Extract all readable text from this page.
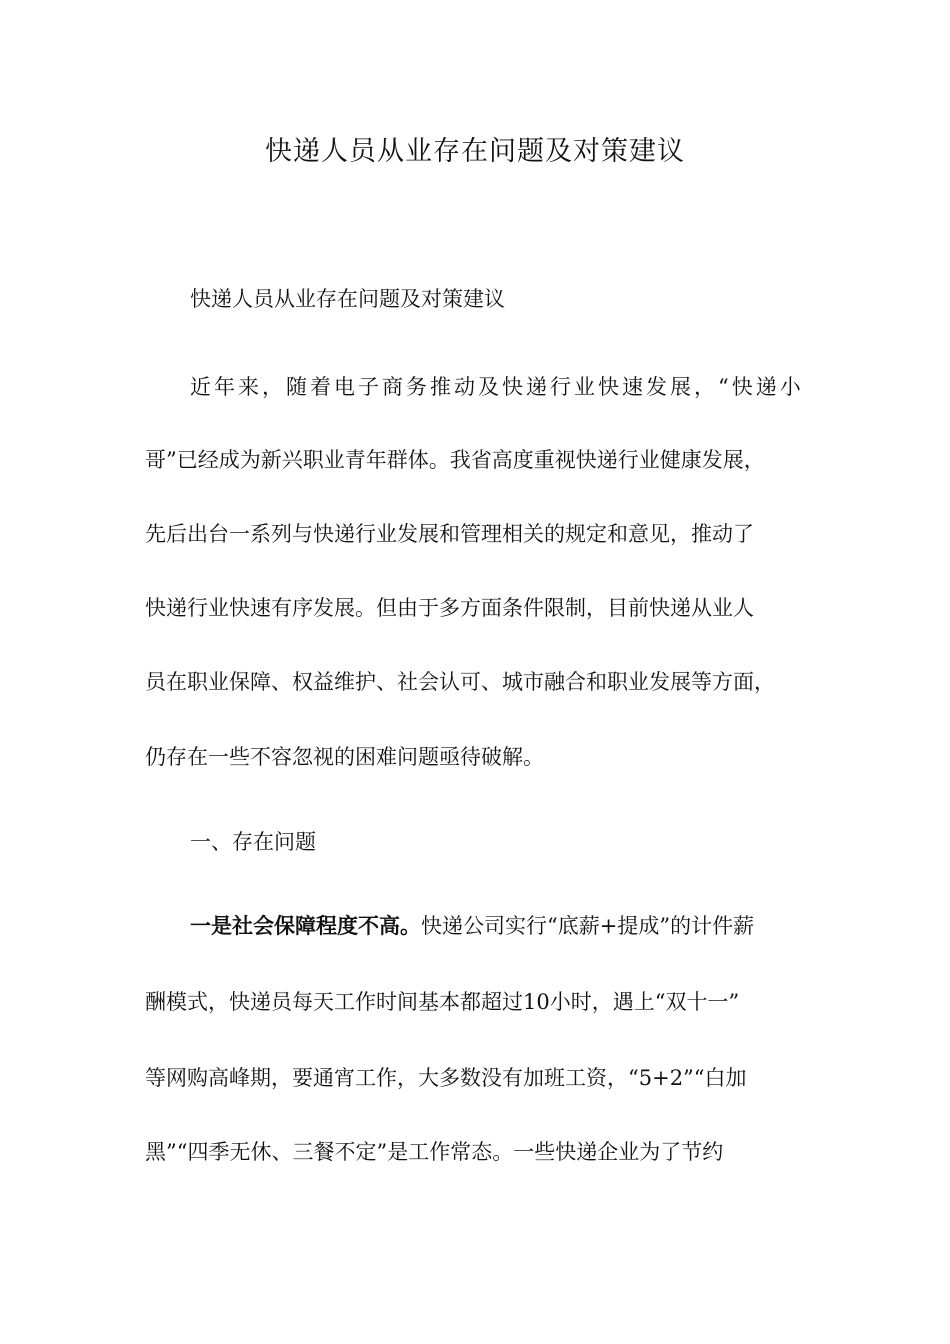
快递人员从业存在问题及对策建议

快递人员从业存在问题及对策建议

近年来，随着电子商务推动及快递行业快速发展，“快递小

哥”已经成为新兴职业青年群体。我省高度重视快递行业健康发展，

先后出台一系列与快递行业发展和管理相关的规定和意见，推动了

快递行业快速有序发展。但由于多方面条件限制，目前快递从业人

员在职业保障、权益维护、社会认可、城市融合和职业发展等方面，

仍存在一些不容忽视的困难问题亟待破解。

一、存在问题

一是社会保障程度不高。快递公司实行“底薪+提成”的计件薪

酬模式，快递员每天工作时间基本都超过10小时，遇上“双十一”

等网购高峰期，要通宵工作，大多数没有加班工资，“5+2”“白加

黑”“四季无休、三餐不定”是工作常态。一些快递企业为了节约
